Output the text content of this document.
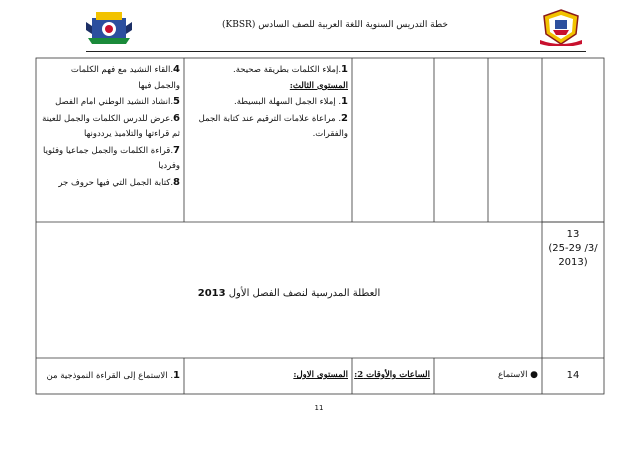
خطة التدريس السنوية اللغة العربية للصف السادس (KBSR)
4.القاء النشيد مع فهم الكلمات
والجمل فيها
5.انشاد النشيد الوطني امام الفصل
6.عرض للدرس الكلمات والجمل للعينة
ثم قراءتها والتلاميذ يرددونها
7.قراءة الكلمات والجمل جماعيا وفئويا
وفرديا
8.كتابة الجمل التي فيها حروف جر
1.إملاء الكلمات بطريقة صحيحة.
المستوى الثالث:
1. إملاء الجمل السهلة البسيطة.
2. مراعاة علامات الترقيم عند كتابة الجمل
والفقرات.
13
(25-29 /3/
2013)
العطلة المدرسية لنصف الفصل الأول 2013
14
● الاستماع
الساعات والأوقات 2:
المستوى الاول:
1. الاستماع إلى القراءة النموذجية من
11
